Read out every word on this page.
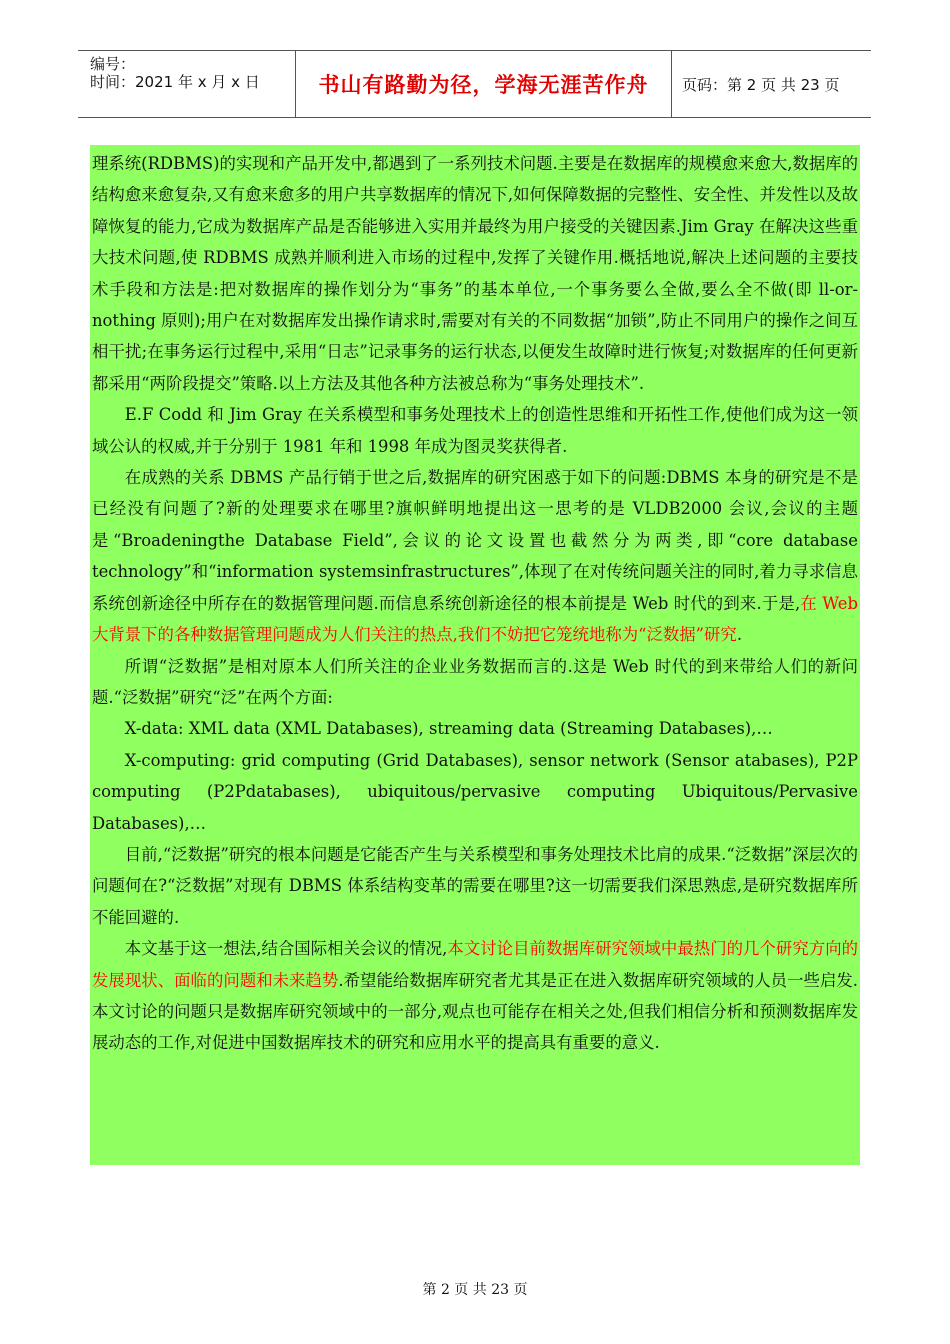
编号：
时间：2021 年 x 月 x 日	书山有路勤为径，学海无涯苦作舟	页码：第 2 页 共 23 页

理系统(RDBMS)的实现和产品开发中,都遇到了一系列技术问题.主要是在数据库的规模愈来愈大,数据库的结构愈来愈复杂,又有愈来愈多的用户共享数据库的情况下,如何保障数据的完整性、安全性、并发性以及故障恢复的能力,它成为数据库产品是否能够进入实用并最终为用户接受的关键因素.Jim Gray 在解决这些重大技术问题,使 RDBMS 成熟并顺利进入市场的过程中,发挥了关键作用.概括地说,解决上述问题的主要技术手段和方法是:把对数据库的操作划分为“事务”的基本单位,一个事务要么全做,要么全不做(即 ll-or-nothing 原则);用户在对数据库发出操作请求时,需要对有关的不同数据“加锁”,防止不同用户的操作之间互相干扰;在事务运行过程中,采用“日志”记录事务的运行状态,以便发生故障时进行恢复;对数据库的任何更新都采用“两阶段提交”策略.以上方法及其他各种方法被总称为“事务处理技术”.

E.F Codd 和 Jim Gray 在关系模型和事务处理技术上的创造性思维和开拓性工作,使他们成为这一领域公认的权威,并于分别于 1981 年和 1998 年成为图灵奖获得者.

在成熟的关系 DBMS 产品行销于世之后,数据库的研究困惑于如下的问题:DBMS 本身的研究是不是已经没有问题了?新的处理要求在哪里?旗帜鲜明地提出这一思考的是 VLDB2000 会议,会议的主题是“Broadeningthe Database Field”,会议的论文设置也截然分为两类,即“core database technology”和“information systemsinfrastructures”,体现了在对传统问题关注的同时,着力寻求信息系统创新途径中所存在的数据管理问题.而信息系统创新途径的根本前提是 Web 时代的到来.于是,在 Web 大背景下的各种数据管理问题成为人们关注的热点,我们不妨把它笼统地称为“泛数据”研究.

所谓“泛数据”是相对原本人们所关注的企业业务数据而言的.这是 Web 时代的到来带给人们的新问题.“泛数据”研究“泛”在两个方面:

X-data: XML data (XML Databases), streaming data (Streaming Databases),…

X-computing: grid computing (Grid Databases), sensor network (Sensor atabases), P2P computing (P2Pdatabases), ubiquitous/pervasive computing Ubiquitous/Pervasive Databases),…

目前,“泛数据”研究的根本问题是它能否产生与关系模型和事务处理技术比肩的成果.“泛数据”深层次的问题何在?“泛数据”对现有 DBMS 体系结构变革的需要在哪里?这一切需要我们深思熟虑,是研究数据库所不能回避的.

本文基于这一想法,结合国际相关会议的情况,本文讨论目前数据库研究领域中最热门的几个研究方向的发展现状、面临的问题和未来趋势.希望能给数据库研究者尤其是正在进入数据库研究领域的人员一些启发.本文讨论的问题只是数据库研究领域中的一部分,观点也可能存在相关之处,但我们相信分析和预测数据库发展动态的工作,对促进中国数据库技术的研究和应用水平的提高具有重要的意义.

第 2 页 共 23 页
